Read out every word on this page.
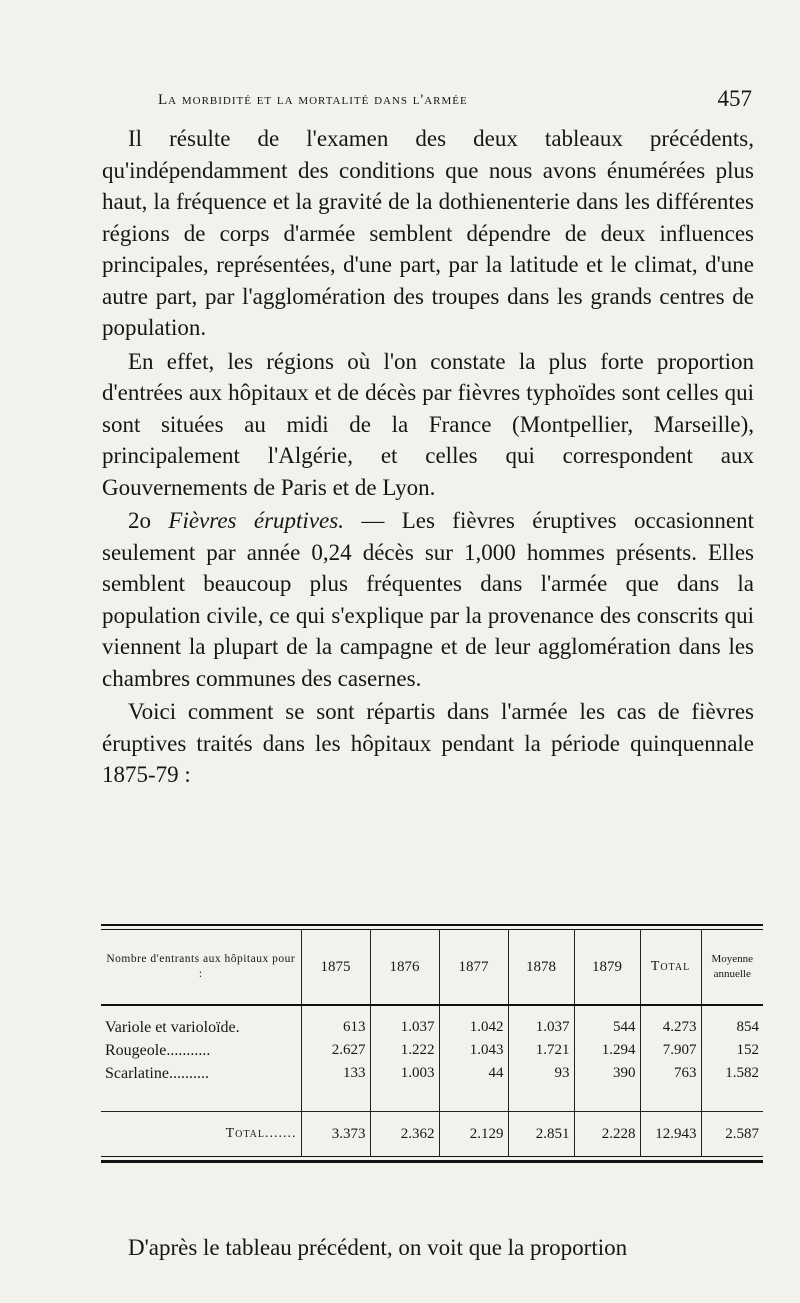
La morbidité et la mortalité dans l'armée	457

Il résulte de l'examen des deux tableaux précédents, qu'indépendamment des conditions que nous avons énumérées plus haut, la fréquence et la gravité de la dothienenterie dans les différentes régions de corps d'armée semblent dépendre de deux influences principales, représentées, d'une part, par la latitude et le climat, d'une autre part, par l'agglomération des troupes dans les grands centres de population.

En effet, les régions où l'on constate la plus forte proportion d'entrées aux hôpitaux et de décès par fièvres typhoïdes sont celles qui sont situées au midi de la France (Montpellier, Marseille), principalement l'Algérie, et celles qui correspondent aux Gouvernements de Paris et de Lyon.

2o Fièvres éruptives. — Les fièvres éruptives occasionnent seulement par année 0,24 décès sur 1,000 hommes présents. Elles semblent beaucoup plus fréquentes dans l'armée que dans la population civile, ce qui s'explique par la provenance des conscrits qui viennent la plupart de la campagne et de leur agglomération dans les chambres communes des casernes.

Voici comment se sont répartis dans l'armée les cas de fièvres éruptives traités dans les hôpitaux pendant la période quinquennale 1875-79 :

Nombre d'entrants aux hôpitaux pour :	1875	1876	1877	1878	1879	Total	Moyenne annuelle

Variole et varioloïde.	613	1.037	1.042	1.037	544	4.273	854
Rougeole...........	2.627	1.222	1.043	1.721	1.294	7.907	152
Scarlatine..........	133	1.003	44	93	390	763	1.582

Total.......	3.373	2.362	2.129	2.851	2.228	12.943	2.587

D'après le tableau précédent, on voit que la proportion
